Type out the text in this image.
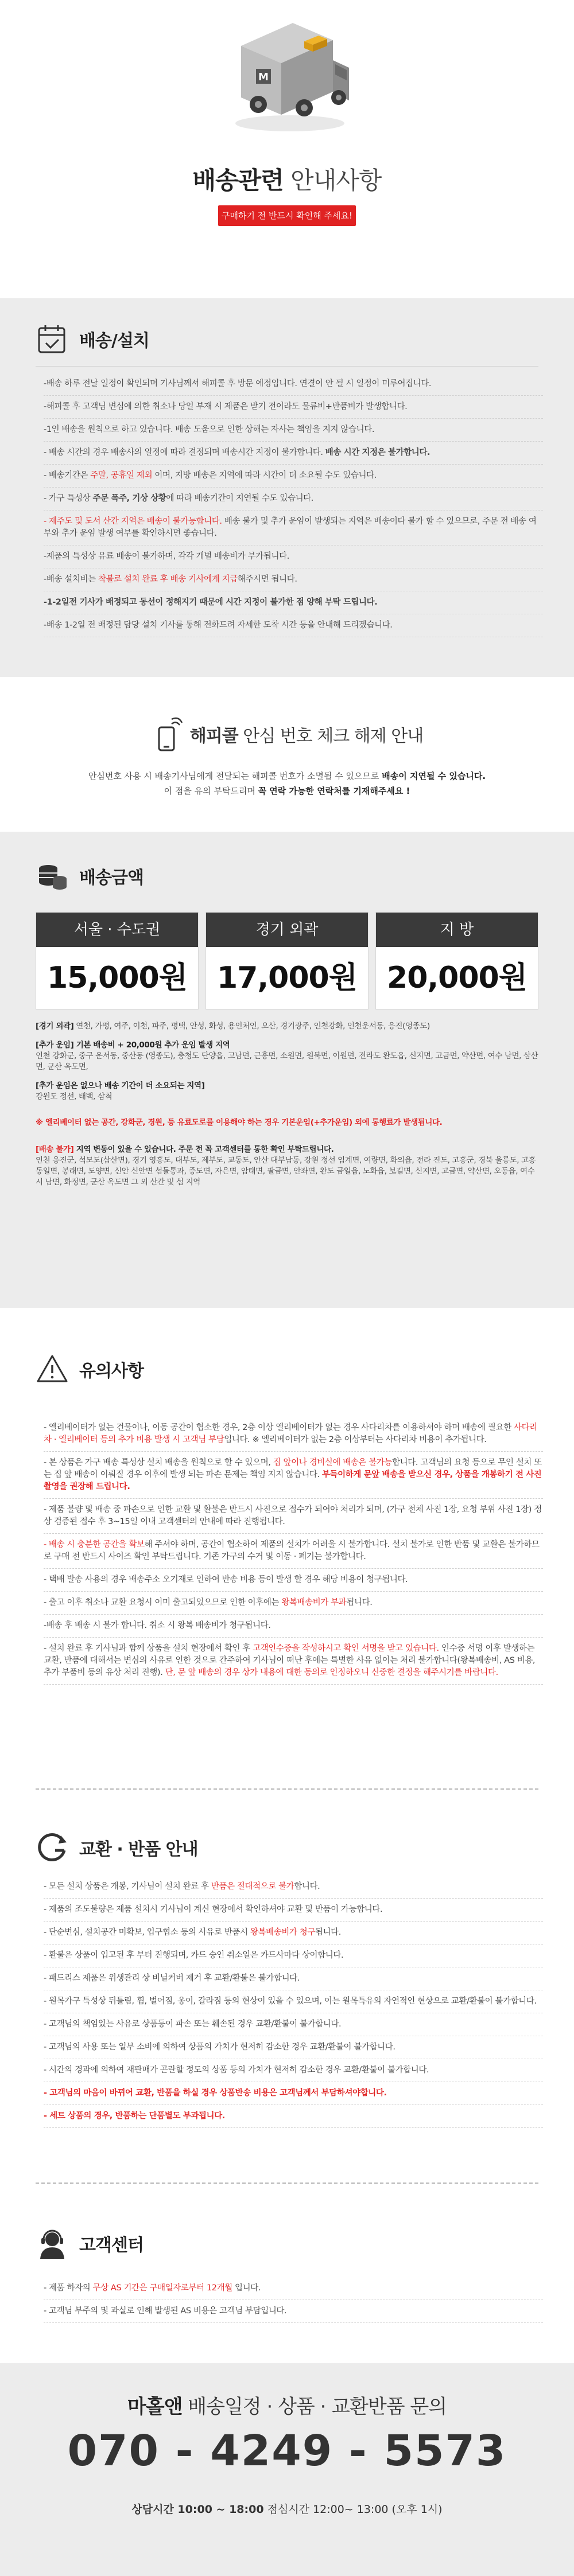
M
배송관련 안내사항
구매하기 전 반드시 확인해 주세요!
배송/설치
-배송 하루 전날 일정이 확인되며 기사님께서 해피콜 후 방문 예정입니다. 연결이 안 될 시 일정이 미루어집니다.
-해피콜 후 고객님 변심에 의한 취소나 당일 부재 시 제품은 받기 전이라도 물류비+반품비가 발생합니다.
-1인 배송을 원칙으로 하고 있습니다. 배송 도움으로 인한 상해는 자사는 책임을 지지 않습니다.
- 배송 시간의 경우 배송사의 일정에 따라 결정되며 배송시간 지정이 불가합니다. 배송 시간 지정은 불가합니다.
- 배송기간은 주말, 공휴일 제외 이며, 지방 배송은 지역에 따라 시간이 더 소요될 수도 있습니다.
- 가구 특성상 주문 폭주, 기상 상황에 따라 배송기간이 지연될 수도 있습니다.
- 제주도 및 도서 산간 지역은 배송이 불가능합니다. 배송 불가 및 추가 운임이 발생되는 지역은 배송이다 불가 할 수 있으므로, 주문 전 배송 여부와 추가 운임 발생 여부를 확인하시면 좋습니다.
-제품의 특성상 유료 배송이 불가하며, 각각 개별 배송비가 부가됩니다.
-배송 설치비는 착불로 설치 완료 후 배송 기사에게 지급해주시면 됩니다.
-1-2일전 기사가 배정되고 동선이 정해지기 때문에 시간 지정이 불가한 점 양해 부탁 드립니다.
-배송 1-2일 전 배정된 담당 설치 기사를 통해 전화드려 자세한 도착 시간 등을 안내해 드리겠습니다.
해피콜 안심 번호 체크 해제 안내
안심번호 사용 시 배송기사님에게 전달되는 해피콜 번호가 소멸될 수 있으므로 배송이 지연될 수 있습니다.
이 점을 유의 부탁드리며 꼭 연락 가능한 연락처를 기재해주세요 !
배송금액
서울 · 수도권
15,000원
경기 외곽
17,000원
지 방
20,000원

[경기 외곽] 연천, 가평, 여주, 이천, 파주, 평택, 안성, 화성, 용인처인, 오산, 경기광주, 인천강화, 인천운서동, 응진(영종도)

[추가 운임] 기본 배송비 + 20,000원 추가 운임 발생 지역
인천 강화군, 중구 운서동, 중산동 (영종도), 충청도 단양읍, 고남면, 근흥면, 소원면, 원북면, 이원면, 전라도 완도읍, 신지면, 고금면, 약산면, 여수 남면, 삼산면, 군산 옥도면,

[추가 운임은 없으나 배송 기간이 더 소요되는 지역]
강원도 정선, 태백, 삼척

※ 엘리베이터 없는 공간, 강화군, 경원, 등 유료도로를 이용해야 하는 경우 기본운임(+추가운임) 외에 통행료가 발생됩니다.

[배송 불가] 지역 변동이 있을 수 있습니다. 주문 전 꼭 고객센터를 통한 확인 부탁드립니다.
인천 옹진군, 석모도(삼산면), 경기 영흥도, 대부도, 제부도, 교동도, 안산 대부남동, 강원 정선 임계면, 여량면, 화의읍, 전라 진도, 고흥군, 경북 울릉도, 고흥 동일면, 봉래면, 도양면, 신안 신안면 섬돌통과, 증도면, 자은면, 암태면, 팔금면, 안좌면, 완도 금일읍, 노화읍, 보길면, 신지면, 고금면, 약산면, 오동읍, 여수시 남면, 화정면, 군산 옥도면 그 외 산간 및 섬 지역

유의사항
- 엘리베이터가 없는 건물이나, 이동 공간이 협소한 경우, 2층 이상 엘리베이터가 없는 경우 사다리차를 이용하셔야 하며 배송에 필요한 사다리차 · 엘리베이터 등의 추가 비용 발생 시 고객님 부담입니다. ※ 엘리베이터가 없는 2층 이상부터는 사다리차 비용이 추가됩니다.
- 본 상품은 가구 배송 특성상 설치 배송을 원칙으로 할 수 있으며, 집 앞이나 경비실에 배송은 불가능합니다. 고객님의 요청 등으로 무인 설치 또는 집 앞 배송이 이뤄질 경우 이후에 발생 되는 파손 문제는 책임 지지 않습니다. 부득이하게 문앞 배송을 받으신 경우, 상품을 개봉하기 전 사진촬영을 권장해 드립니다.
- 제품 불량 및 배송 중 파손으로 인한 교환 및 환불은 반드시 사진으로 접수가 되어야 처리가 되며, (가구 전체 사진 1장, 요청 부위 사진 1장) 정상 검증된 접수 후 3~15일 이내 고객센터의 안내에 따라 진행됩니다.
- 배송 시 충분한 공간을 확보해 주셔야 하며, 공간이 협소하여 제품의 설치가 어려울 시 불가합니다. 설치 불가로 인한 반품 및 교환은 불가하므로 구매 전 반드시 사이즈 확인 부탁드립니다. 기존 가구의 수거 및 이동 · 폐기는 불가합니다.
- 택배 발송 사용의 경우 배송주소 오기재로 인하여 반송 비용 등이 발생 할 경우 해당 비용이 청구됩니다.
- 출고 이후 취소나 교환 요청시 이미 출고되었으므로 인한 이후에는 왕복배송비가 부과됩니다.
-배송 후 배송 시 불가 합니다. 취소 시 왕복 배송비가 청구됩니다.
- 설치 완료 후 기사님과 함께 상품을 설치 현장에서 확인 후 고객인수증을 작성하시고 확인 서명을 받고 있습니다. 인수증 서명 이후 발생하는 교환, 반품에 대해서는 변심의 사유로 인한 것으로 간주하여 기사님이 떠난 후에는 특별한 사유 없이는 처리 불가합니다(왕복배송비, AS 비용, 추가 부품비 등의 유상 처리 진행). 단, 문 앞 배송의 경우 상가 내용에 대한 동의로 인정하오니 신중한 결정을 해주시기를 바랍니다.
교환 · 반품 안내
- 모든 설치 상품은 개봉, 기사님이 설치 완료 후 반품은 절대적으로 불가합니다.
- 제품의 조도불량은 제품 설치시 기사님이 계신 현장에서 확인하셔야 교환 및 반품이 가능합니다.
- 단순변심, 설치공간 미확보, 입구협소 등의 사유로 반품시 왕복배송비가 청구됩니다.
- 환불은 상품이 입고된 후 부터 진행되며, 카드 승인 취소일은 카드사마다 상이합니다.
- 패드리스 제품은 위생관리 상 비닐커버 제거 후 교환/환불은 불가합니다.
- 원목가구 특성상 뒤틀림, 휨, 벌어짐, 옹이, 갈라짐 등의 현상이 있을 수 있으며, 이는 원목특유의 자연적인 현상으로 교환/환불이 불가합니다.
- 고객님의 책임있는 사유로 상품등이 파손 또는 훼손된 경우 교환/환불이 불가합니다.
- 고객님의 사용 또는 일부 소비에 의하여 상품의 가치가 현저히 감소한 경우 교환/환불이 불가합니다.
- 시간의 경과에 의하여 재판매가 곤란할 정도의 상품 등의 가치가 현저히 감소한 경우 교환/환불이 불가합니다.
- 고객님의 마음이 바뀌어 교환, 반품을 하실 경우 상품반송 비용은 고객님께서 부담하셔야합니다.
- 세트 상품의 경우, 반품하는 단품별도 부과됩니다.
고객센터
- 제품 하자의 무상 AS 기간은 구매일자로부터 12개월 입니다.
- 고객님 부주의 및 과실로 인해 발생된 AS 비용은 고객님 부담입니다.
마홀앤 배송일정 · 상품 · 교환반품 문의
070 - 4249 - 5573
상담시간 10:00 ~ 18:00 점심시간 12:00~ 13:00 (오후 1시)
